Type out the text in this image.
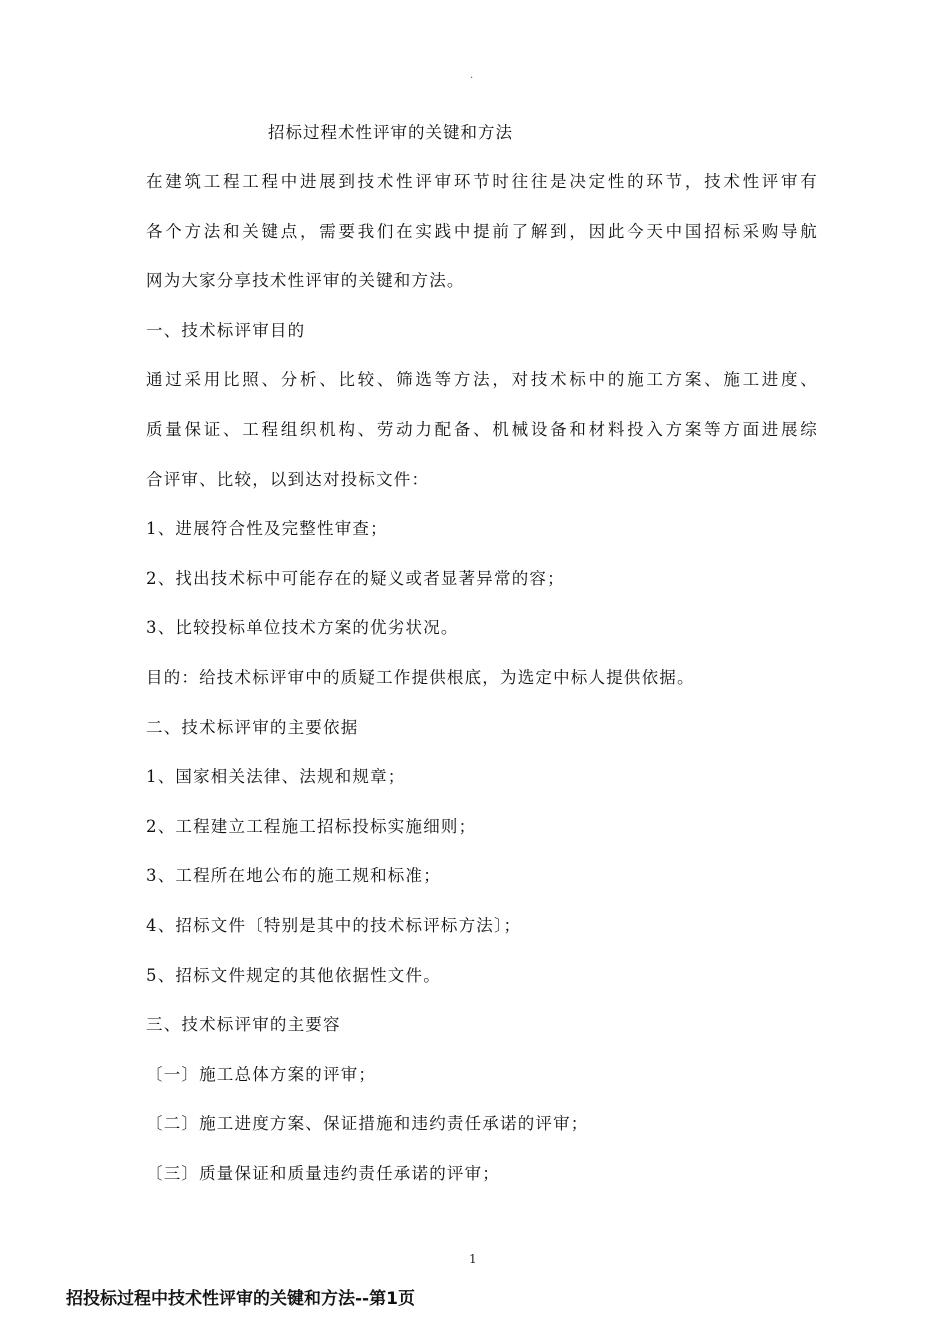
.
招标过程术性评审的关键和方法
在建筑工程工程中进展到技术性评审环节时往往是决定性的环节，技术性评审有
各个方法和关键点，需要我们在实践中提前了解到，因此今天中国招标采购导航
网为大家分享技术性评审的关键和方法。
一、技术标评审目的
通过采用比照、分析、比较、筛选等方法，对技术标中的施工方案、施工进度、
质量保证、工程组织机构、劳动力配备、机械设备和材料投入方案等方面进展综
合评审、比较，以到达对投标文件：
1、进展符合性及完整性审查；
2、找出技术标中可能存在的疑义或者显著异常的容；
3、比较投标单位技术方案的优劣状况。
目的：给技术标评审中的质疑工作提供根底，为选定中标人提供依据。
二、技术标评审的主要依据
1、国家相关法律、法规和规章；
2、工程建立工程施工招标投标实施细则；
3、工程所在地公布的施工规和标准；
4、招标文件〔特别是其中的技术标评标方法〕；
5、招标文件规定的其他依据性文件。
三、技术标评审的主要容
〔一〕施工总体方案的评审；
〔二〕施工进度方案、保证措施和违约责任承诺的评审；
〔三〕质量保证和质量违约责任承诺的评审；
1
招投标过程中技术性评审的关键和方法--第1页
